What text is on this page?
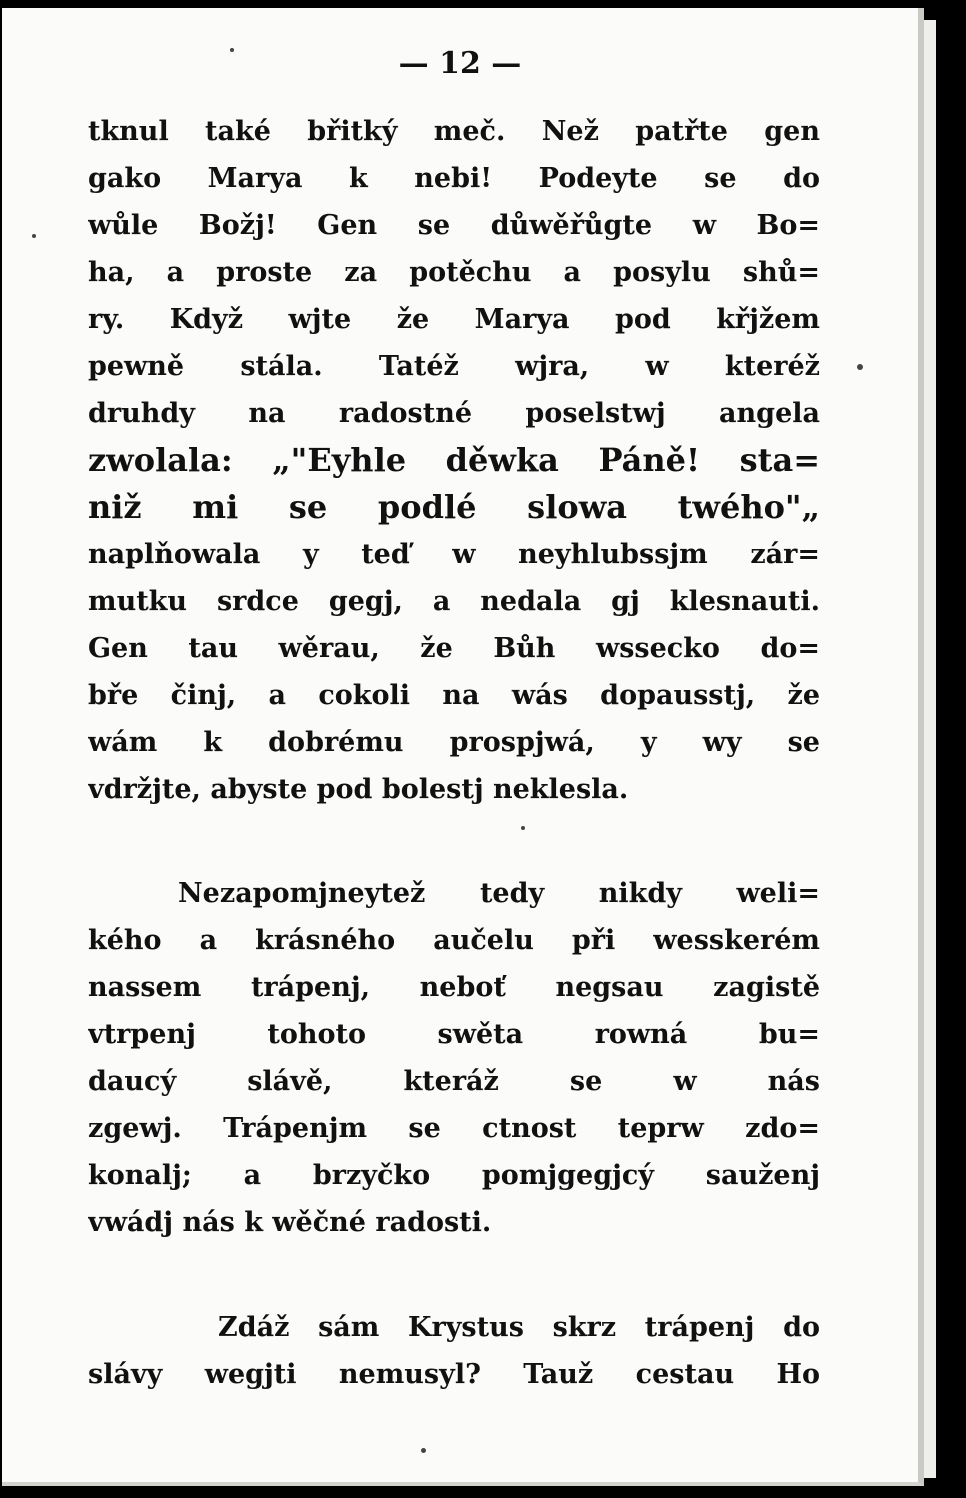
— 12 —
tknul také břitký meč. Než patřte gen
gako Marya k nebi! Podeyte se do
wůle Božj! Gen se důwěřůgte w Bo=
ha, a proste za potěchu a posylu shů=
ry. Když wjte že Marya pod křjžem
pewně stála. Tatéž wjra, w kteréž
druhdy na radostné poselstwj angela
zwolala: „"Eyhle děwka Páně! sta=
niž mi se podlé slowa twého"„
naplňowala y teď w neyhlubssjm zár=
mutku srdce gegj, a nedala gj klesnauti.
Gen tau wěrau, že Bůh wssecko do=
bře činj, a cokoli na wás dopausstj, že
wám k dobrému prospjwá, y wy se
vdržjte, abyste pod bolestj neklesla.
Nezapomjneytež tedy nikdy weli=
kého a krásného aučelu při wesskerém
nassem trápenj, neboť negsau zagistě
vtrpenj tohoto swěta rowná bu=
daucý slávě, kteráž se w nás
zgewj. Trápenjm se ctnost teprw zdo=
konalj; a brzyčko pomjgegjcý sauženj
vwádj nás k wěčné radosti.
Zdáž sám Krystus skrz trápenj do
slávy wegjti nemusyl? Tauž cestau Ho
